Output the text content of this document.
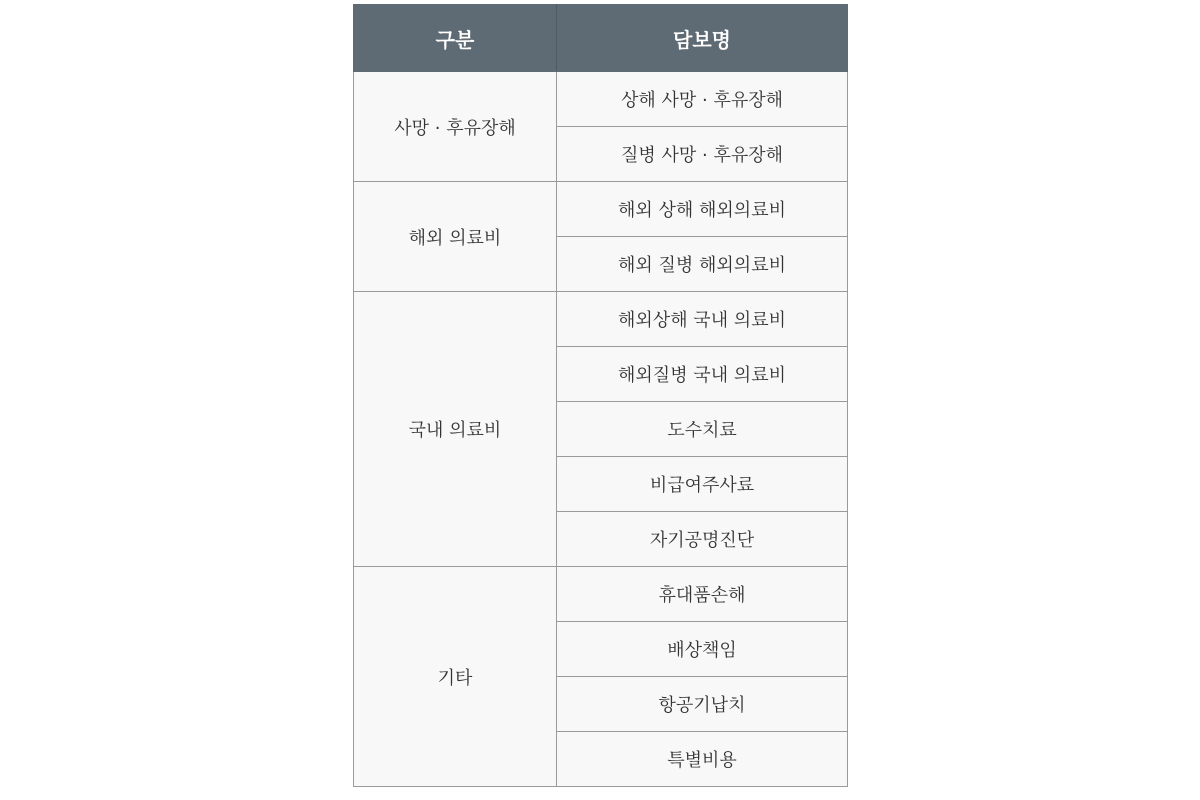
구분	담보명
사망 · 후유장해	상해 사망 · 후유장해
	질병 사망 · 후유장해
해외 의료비	해외 상해 해외의료비
	해외 질병 해외의료비
국내 의료비	해외상해 국내 의료비
	해외질병 국내 의료비
	도수치료
	비급여주사료
	자기공명진단
기타	휴대품손해
	배상책임
	항공기납치
	특별비용
